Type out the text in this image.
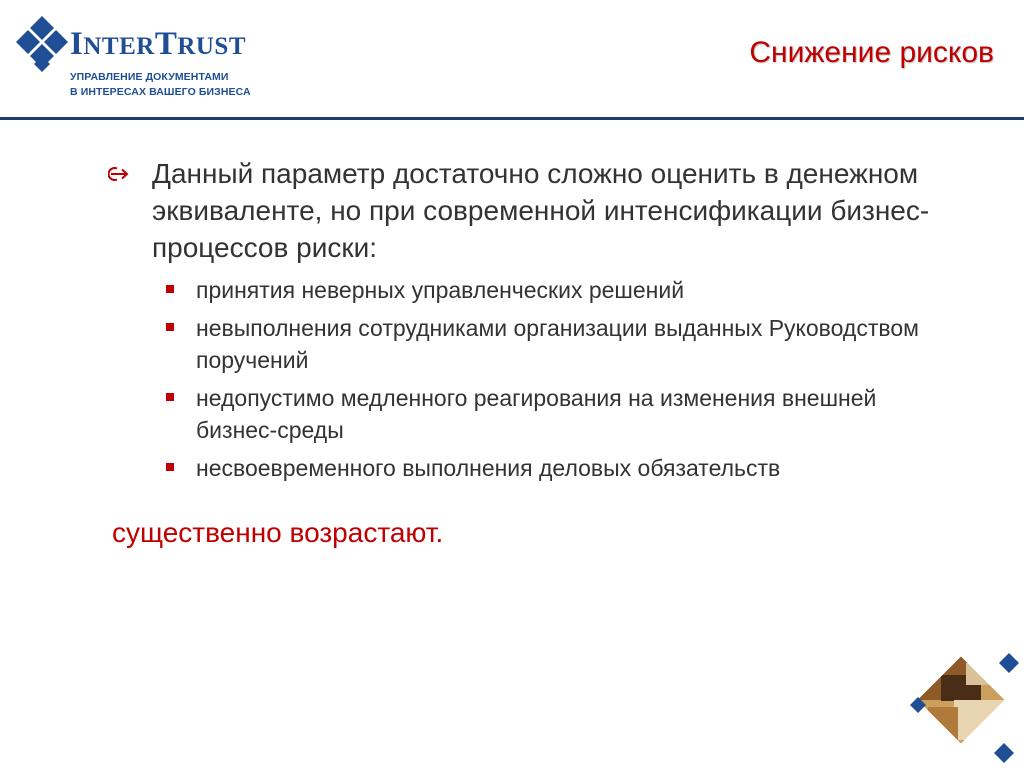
INTERTRUST
УПРАВЛЕНИЕ ДОКУМЕНТАМИ
В ИНТЕРЕСАХ ВАШЕГО БИЗНЕСА
Снижение рисков
Данный параметр достаточно сложно оценить в денежном эквиваленте, но при современной интенсификации бизнес-процессов риски:
принятия неверных управленческих решений
невыполнения сотрудниками организации выданных Руководством поручений
недопустимо медленного реагирования на изменения внешней бизнес-среды
несвоевременного выполнения деловых обязательств
существенно возрастают.
